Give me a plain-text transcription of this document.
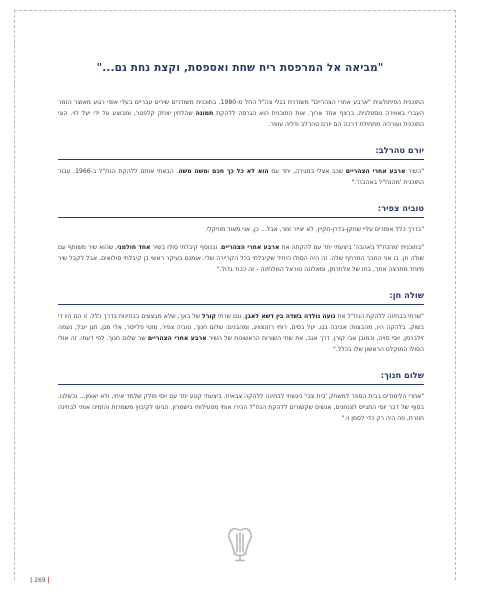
"מביאה אל המרפסת ריח שחת ואספסת, וקצת נחת גם..."

התוכנית הפיתולוגית "ארבע אחרי הצהריים" משודרת בגלי צה"ל החל מ-1980. בתוכנית משודרים שירים עבריים בעלי אופי רגוע מאוצר הזמר העברי באווירה נוסטלגית, ברצף אחד ארוך. אות התוכנית הוא הגרסה ללהקת תמונה שהלחין יצחק קלפטר, ומבוצע על ידי יעל לוי. הוגי התוכנית ועורכיה מתחילת דרכה הם יורם טהרלב ודליה עופר.

יורם טהרלב:

"השיר ארבע אחרי הצהריים שכב אצלי במגירה, יחד עם הוא לא כל כך חכם ומשה משה. הבאתי אותם ללהקת הנח"ל ב-1966, עבור התוכנית 'מהנח"ל באהבה'."

טוביה צפיר:

"בדרך כלל אומרים עליי שחקן-בדרן-חקיין. לא יצייר זמר, אבל... כן, אני מאוד מוזיקלי.

"בתוכנית 'מהנח"ל באהבה' ביצעתי יחד עם להקתה את ארבע אחרי הצהריים. ובנוסף קיבלתי סולו בשיר אחד חולמני, שהוא שיר משותף עם שולה חן. בו אני החבר המרחף שלה. זה היה הסולו היחיד שקיבלתי בכל הקריירה שלי. אומנם בעיקר ראשי בן קיבלתי סולואים, אבל לקבל שיר מיוחד מתרצה אתר, בתו של אלתרמן, ומאלונה טוראל המלחינה - זה כבוד גדול."

שולה חן:

"שרתי בבחינה ללהקת הנח"ל את נועה נולדה בשדה בין דשא לאבן, וגם שרתי קורל של באך, שלא מבצעים בבחינות בדרך כלל. זו הם היו די בשוק. בלהקה היו, מהבצות: אביבה בגו, יעל בסים, רותי רוזנצוויג, ומהבנים: שלום חנוך, טוביה צפיר, מוטי פלייסר, אלי מגן, חגן יובל, נעמה זילברמן, יוסי סויה, וכמובן אבי קורן. דרך אגב, את שתי השורות הראשונות של השיר ארבע אחרי הצהריים שר שלום חנוך. לפי דעתי, זה אולי הסולו המוקלט הראשון שלו בכלל."

שלום חנוך:

"אחרי הלימודים בבית הספר למשחק 'בית צבי' ניגשתי לבחינה ללהקה צבאית. ביצעתי קטע יחד עם יוסי פולק שלמד איתי, ולא יאומן... נכשלנו. בסוף של דבר יוסי התגייס לצנחנים, אנשים שקשורים ללהקת הנח"ל הכירו אותי מפעילותי בישמרון. הגיעו לקיבוץ משמרות והזמינו אותי לבחינה חוזרת, וזה היה רק כדי לסמן וי."

| 269 |
